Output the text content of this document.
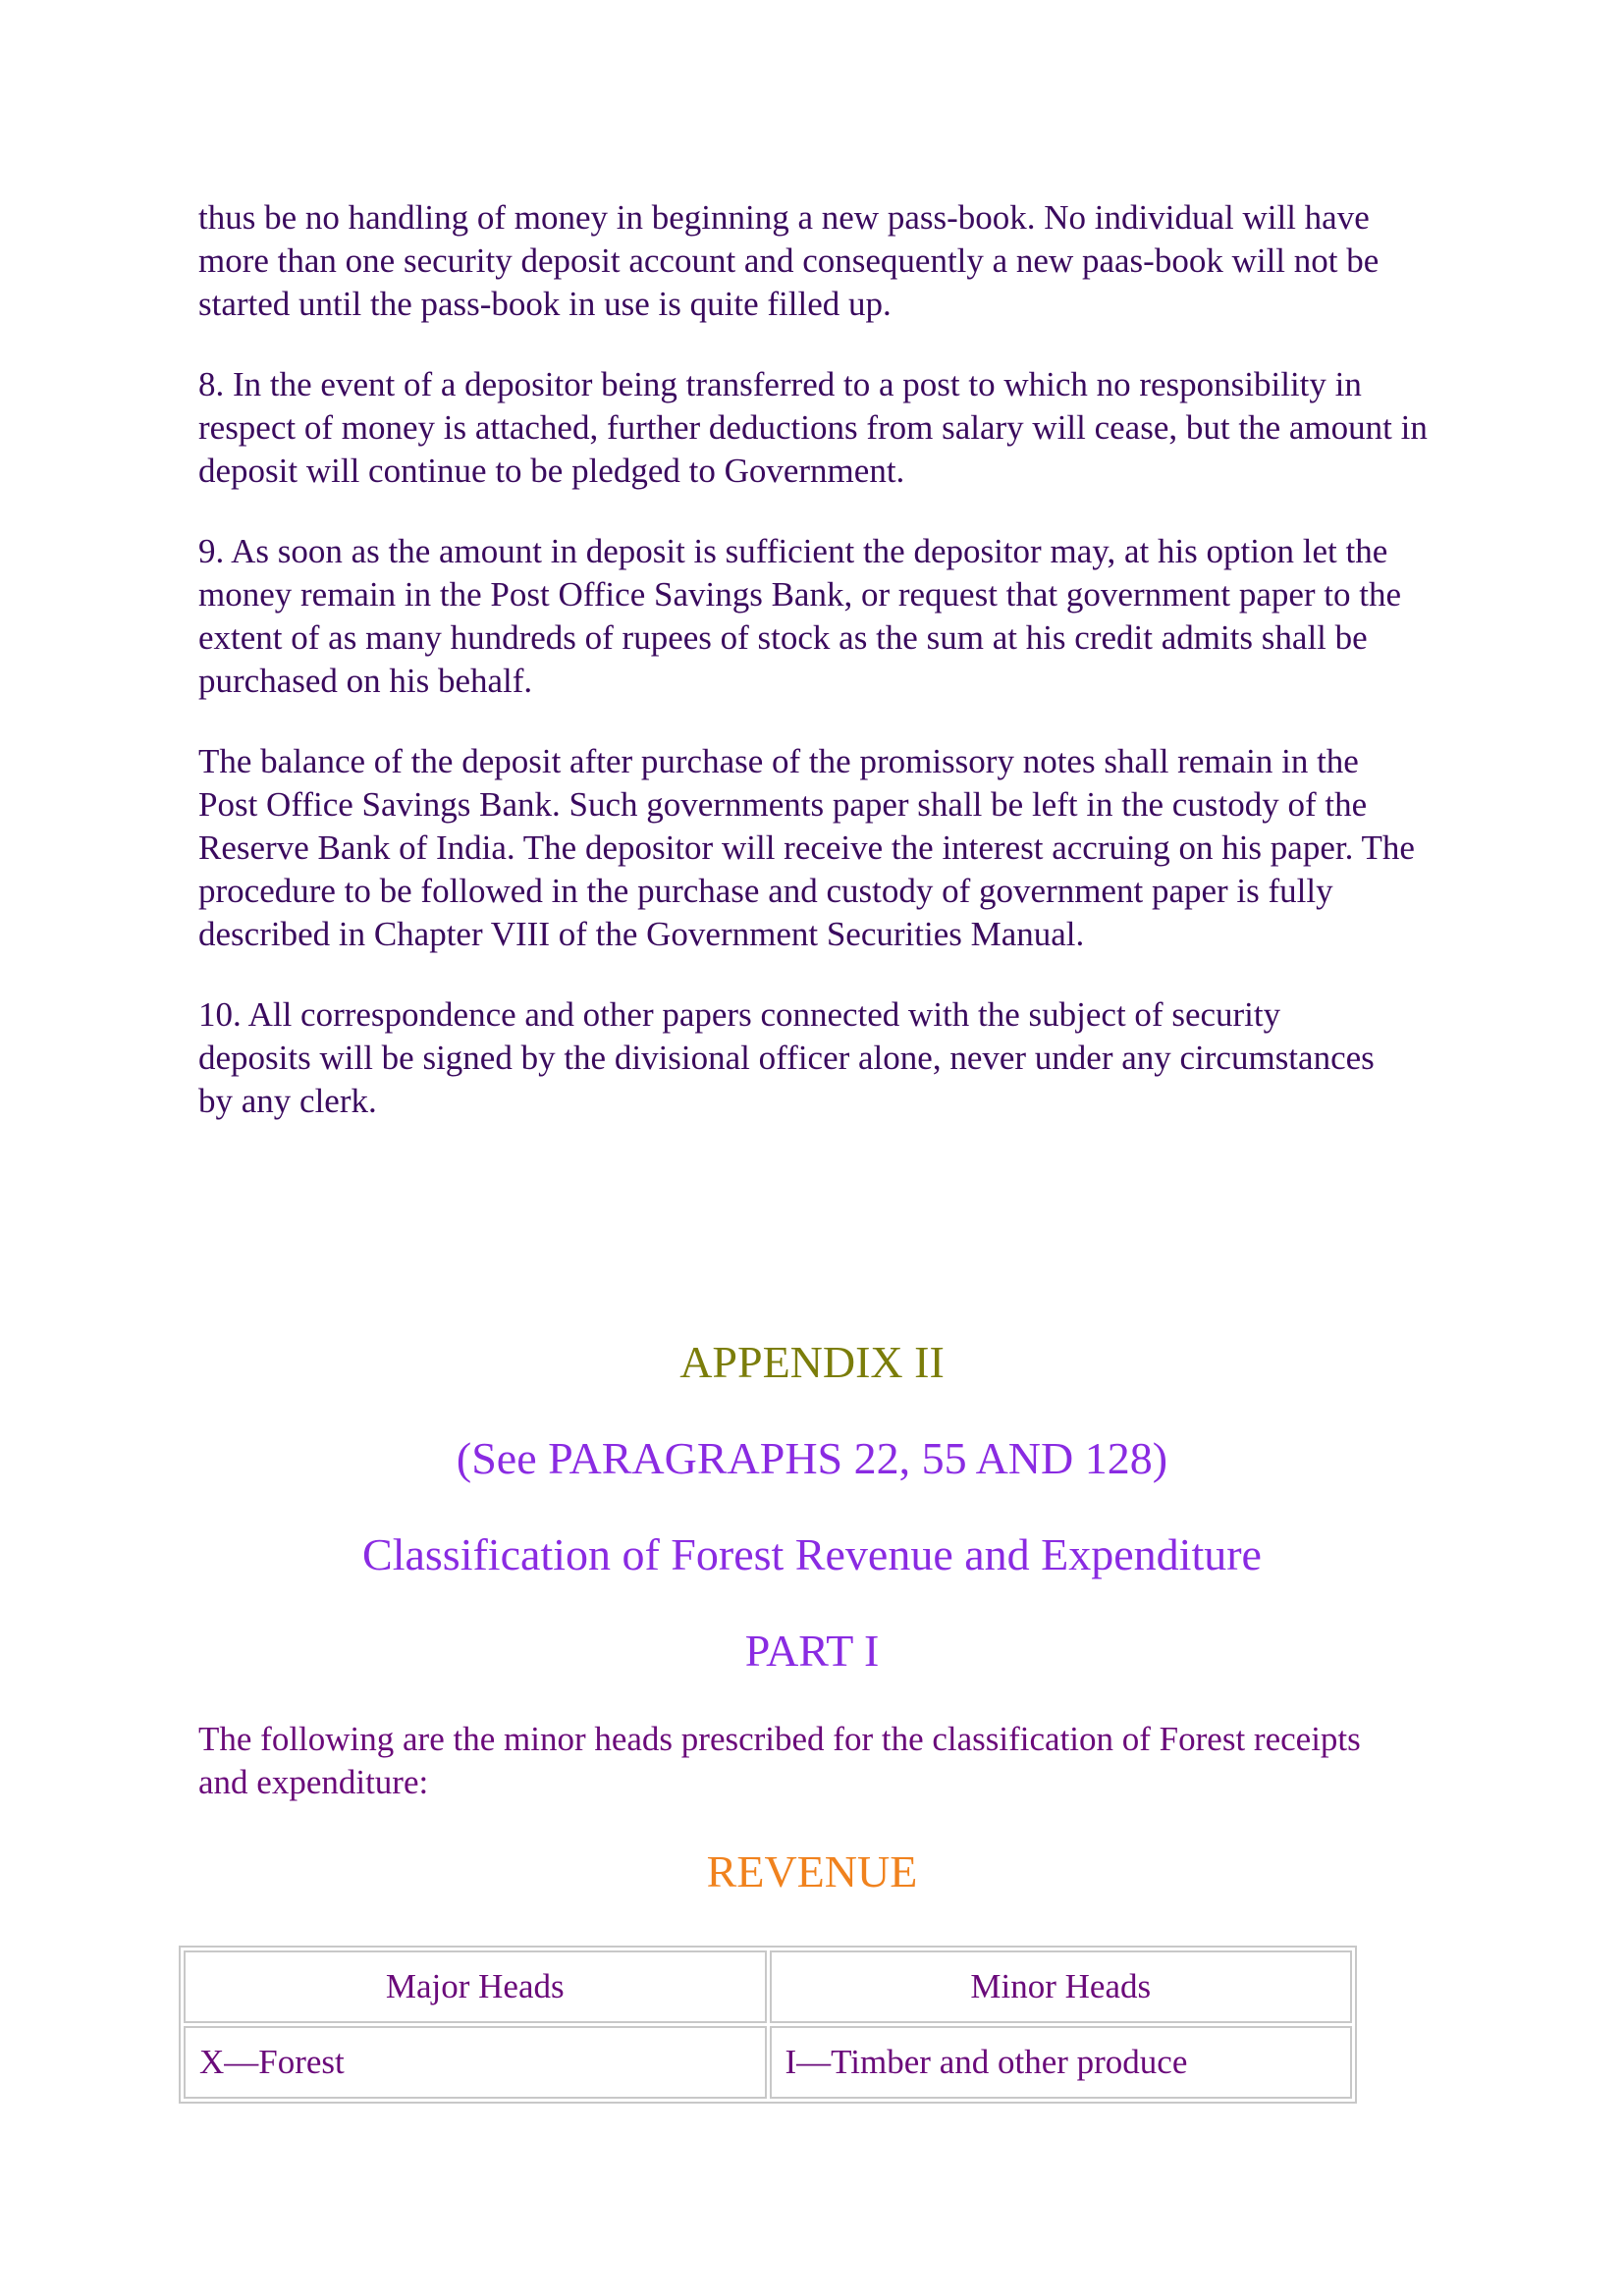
thus be no handling of money in beginning a new pass-book. No individual will have more than one security deposit account and consequently a new paas-book will not be started until the pass-book in use is quite filled up.

8. In the event of a depositor being transferred to a post to which no responsibility in respect of money is attached, further deductions from salary will cease, but the amount in deposit will continue to be pledged to Government.

9. As soon as the amount in deposit is sufficient the depositor may, at his option let the money remain in the Post Office Savings Bank, or request that government paper to the extent of as many hundreds of rupees of stock as the sum at his credit admits shall be purchased on his behalf.

The balance of the deposit after purchase of the promissory notes shall remain in the Post Office Savings Bank. Such governments paper shall be left in the custody of the Reserve Bank of India. The depositor will receive the interest accruing on his paper. The procedure to be followed in the purchase and custody of government paper is fully described in Chapter VIII of the Government Securities Manual.

10. All correspondence and other papers connected with the subject of security deposits will be signed by the divisional officer alone, never under any circumstances by any clerk.

APPENDIX II
(See PARAGRAPHS 22, 55 AND 128)
Classification of Forest Revenue and Expenditure
PART I

The following are the minor heads prescribed for the classification of Forest receipts and expenditure:

REVENUE
Major Heads	Minor Heads
X—Forest	I—Timber and other produce
